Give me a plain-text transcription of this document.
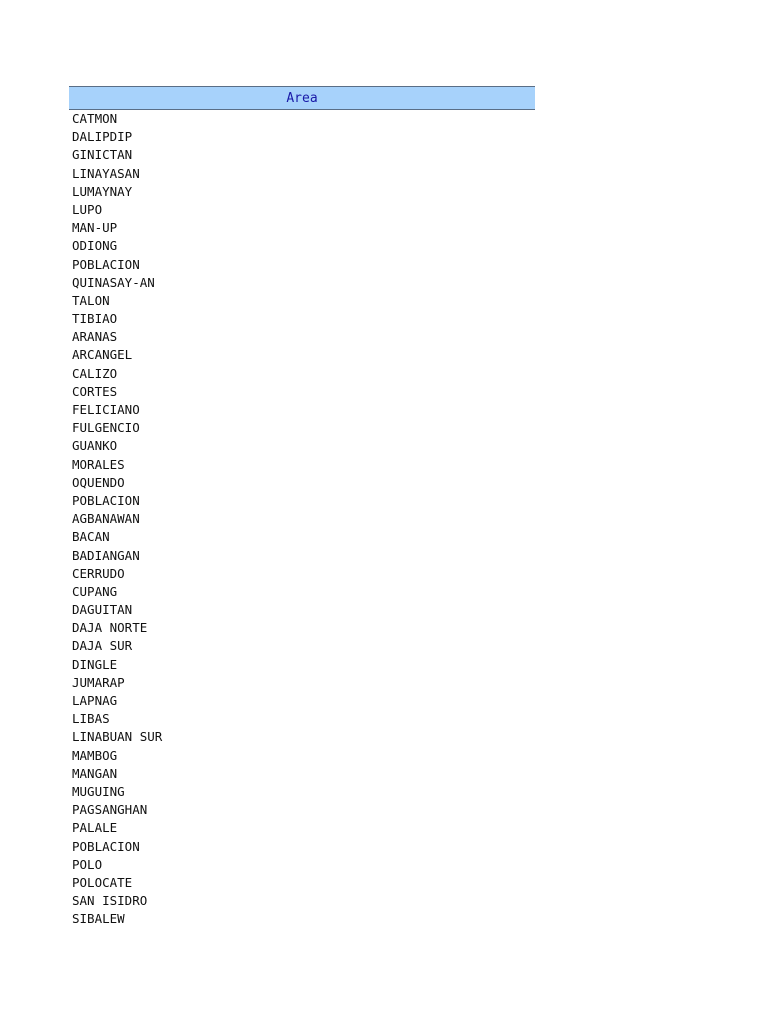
Area
CATMON
DALIPDIP
GINICTAN
LINAYASAN
LUMAYNAY
LUPO
MAN-UP
ODIONG
POBLACION
QUINASAY-AN
TALON
TIBIAO
ARANAS
ARCANGEL
CALIZO
CORTES
FELICIANO
FULGENCIO
GUANKO
MORALES
OQUENDO
POBLACION
AGBANAWAN
BACAN
BADIANGAN
CERRUDO
CUPANG
DAGUITAN
DAJA NORTE
DAJA SUR
DINGLE
JUMARAP
LAPNAG
LIBAS
LINABUAN SUR
MAMBOG
MANGAN
MUGUING
PAGSANGHAN
PALALE
POBLACION
POLO
POLOCATE
SAN ISIDRO
SIBALEW
